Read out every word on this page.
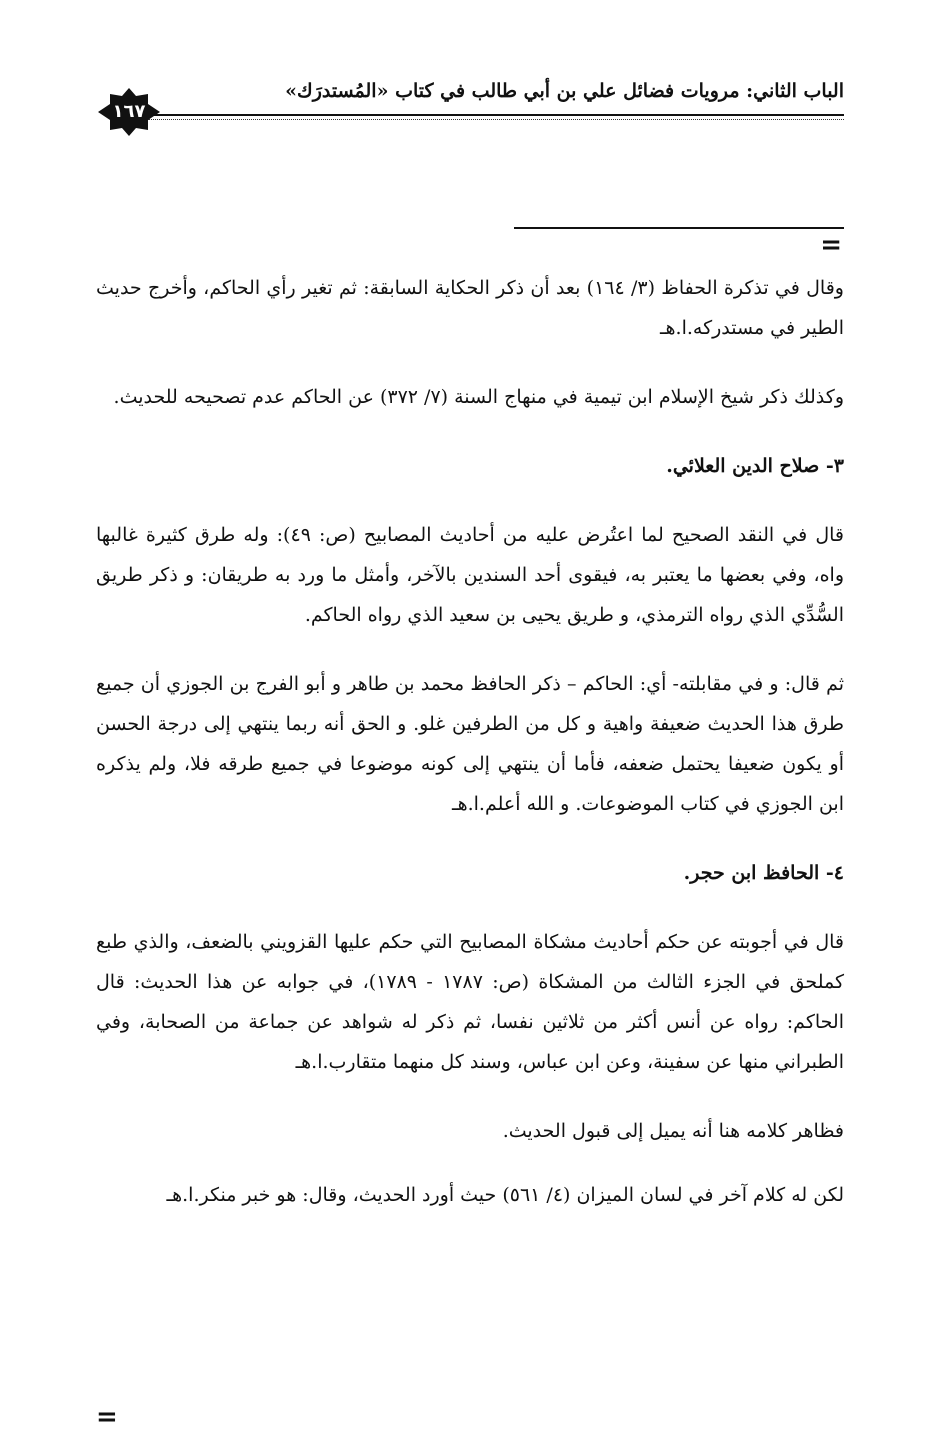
الباب الثاني: مرويات فضائل علي بن أبي طالب في كتاب «المُستدرَك»
١٦٧
=

وقال في تذكرة الحفاظ (٣/ ١٦٤) بعد أن ذكر الحكاية السابقة: ثم تغير رأي الحاكم، وأخرج حديث الطير في مستدركه.ا.هـ

وكذلك ذكر شيخ الإسلام ابن تيمية في منهاج السنة (٧/ ٣٧٢) عن الحاكم عدم تصحيحه للحديث.

٣- صلاح الدين العلائي.

قال في النقد الصحيح لما اعتُرض عليه من أحاديث المصابيح (ص: ٤٩): وله طرق كثيرة غالبها واه، وفي بعضها ما يعتبر به، فيقوى أحد السندين بالآخر، وأمثل ما ورد به طريقان: و ذكر طريق السُّدِّي الذي رواه الترمذي، و طريق يحيى بن سعيد الذي رواه الحاكم.

ثم قال: و في مقابلته- أي: الحاكم – ذكر الحافظ محمد بن طاهر و أبو الفرج بن الجوزي أن جميع طرق هذا الحديث ضعيفة واهية و كل من الطرفين غلو. و الحق أنه ربما ينتهي إلى درجة الحسن أو يكون ضعيفا يحتمل ضعفه، فأما أن ينتهي إلى كونه موضوعا في جميع طرقه فلا، ولم يذكره ابن الجوزي في كتاب الموضوعات. و الله أعلم.ا.هـ

٤- الحافظ ابن حجر.

قال في أجوبته عن حكم أحاديث مشكاة المصابيح التي حكم عليها القزويني بالضعف، والذي طبع كملحق في الجزء الثالث من المشكاة (ص: ١٧٨٧ - ١٧٨٩)، في جوابه عن هذا الحديث: قال الحاكم: رواه عن أنس أكثر من ثلاثين نفسا، ثم ذكر له شواهد عن جماعة من الصحابة، وفي الطبراني منها عن سفينة، وعن ابن عباس، وسند كل منهما متقارب.ا.هـ

فظاهر كلامه هنا أنه يميل إلى قبول الحديث.

لكن له كلام آخر في لسان الميزان (٤/ ٥٦١) حيث أورد الحديث، وقال: هو خبر منكر.ا.هـ

=
